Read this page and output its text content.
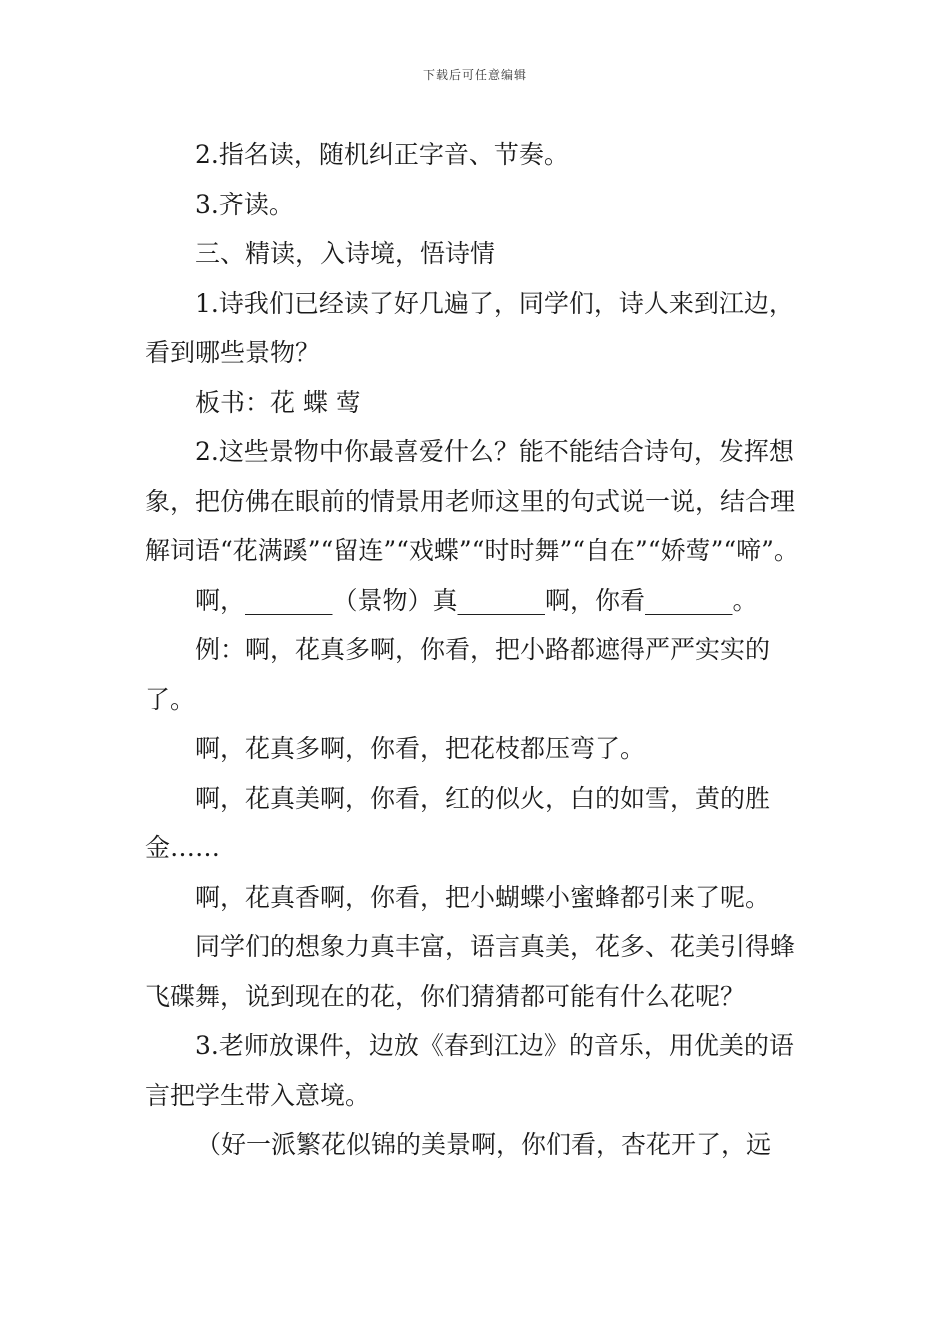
下载后可任意编辑

2.指名读，随机纠正字音、节奏。

3.齐读。

三、精读，入诗境，悟诗情

1.诗我们已经读了好几遍了，同学们，诗人来到江边，看到哪些景物？

板书：花 蝶 莺

2.这些景物中你最喜爱什么？能不能结合诗句，发挥想象，把仿佛在眼前的情景用老师这里的句式说一说，结合理解词语“花满蹊”“留连”“戏蝶”“时时舞”“自在”“娇莺”“啼”。

啊，_______（景物）真_______啊，你看_______。

例：啊，花真多啊，你看，把小路都遮得严严实实的了。

啊，花真多啊，你看，把花枝都压弯了。

啊，花真美啊，你看，红的似火，白的如雪，黄的胜金……

啊，花真香啊，你看，把小蝴蝶小蜜蜂都引来了呢。

同学们的想象力真丰富，语言真美，花多、花美引得蜂飞碟舞，说到现在的花，你们猜猜都可能有什么花呢？

3.老师放课件，边放《春到江边》的音乐，用优美的语言把学生带入意境。

（好一派繁花似锦的美景啊，你们看，杏花开了，远
